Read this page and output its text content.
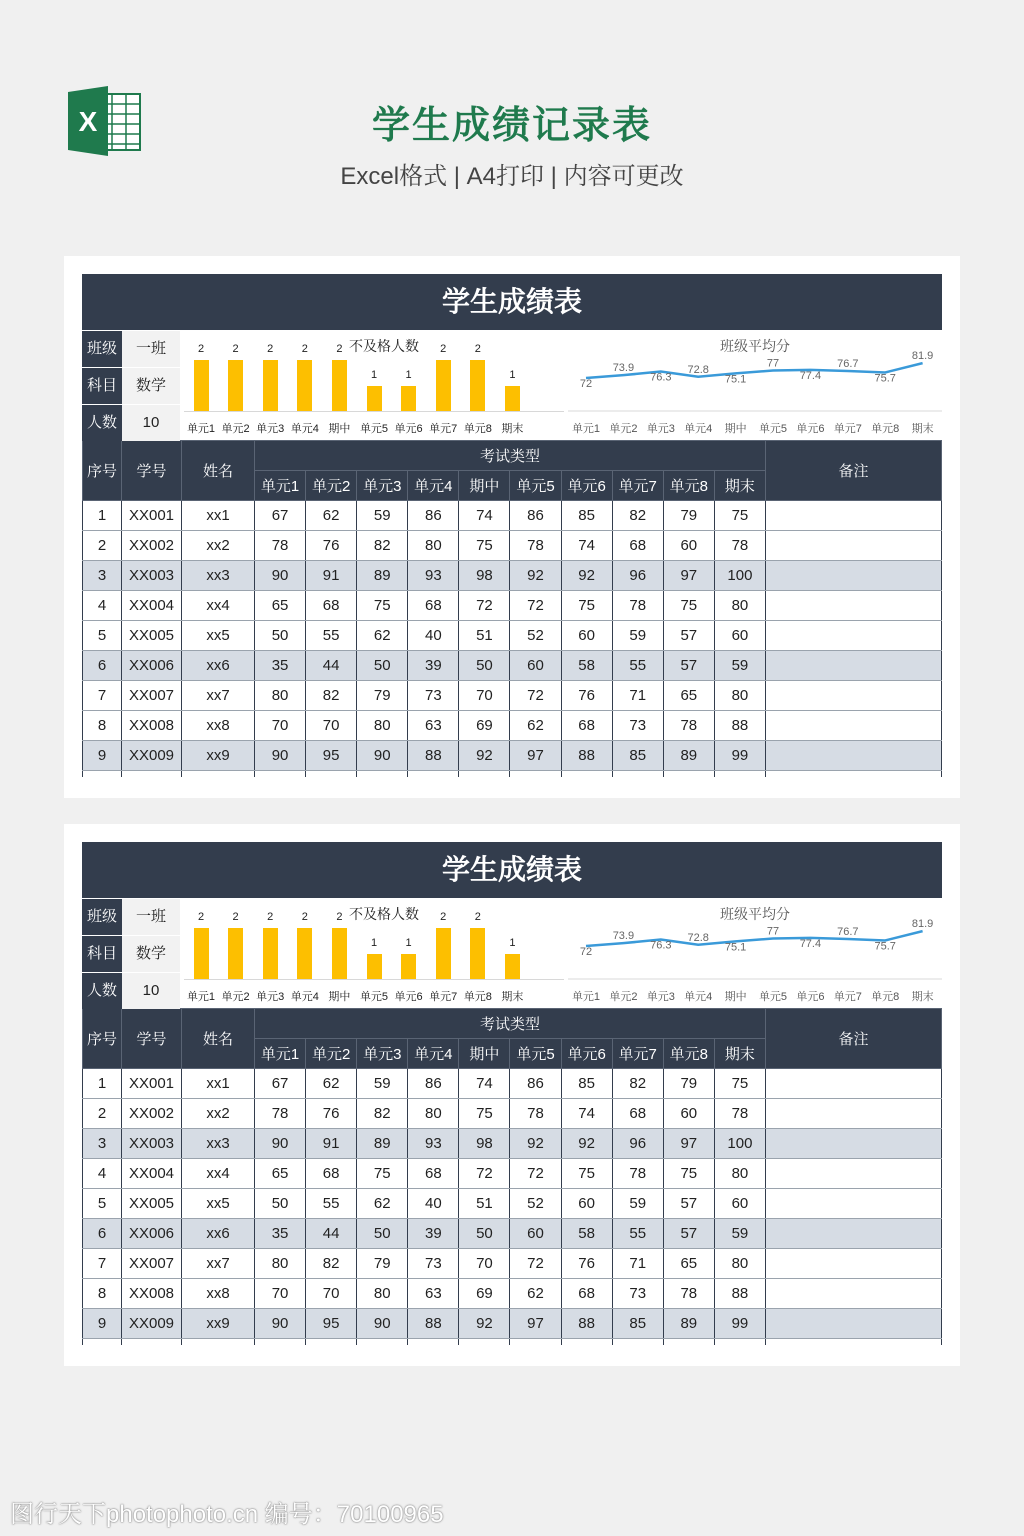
X	学生成绩记录表
Excel格式 | A4打印 | 内容可更改
学生成绩表
班级	一班
科目	数学
人数	10
不及格人数
2
单元1
2
单元2
2
单元3
2
单元4
2
期中
1
单元5
1
单元6
2
单元7
2
单元8
1
期末
班级平均分
72
73.9
76.3
72.8
75.1
77
77.4
76.7
75.7
81.9
单元1 单元2 单元3 单元4	期中	单元5 单元6 单元7 单元8	期末
序号	学号	姓名	考试类型										备注
			单元1	单元2	单元3	单元4	期中	单元5	单元6	单元7	单元8	期末	
1	XX001	xx1	67	62	59	86	74	86	85	82	79	75	
2	XX002	xx2	78	76	82	80	75	78	74	68	60	78	
3	XX003	xx3	90	91	89	93	98	92	92	96	97	100	
4	XX004	xx4	65	68	75	68	72	72	75	78	75	80	
5	XX005	xx5	50	55	62	40	51	52	60	59	57	60	
6	XX006	xx6	35	44	50	39	50	60	58	55	57	59	
7	XX007	xx7	80	82	79	73	70	72	76	71	65	80	
8	XX008	xx8	70	70	80	63	69	62	68	73	78	88	
9	XX009	xx9	90	95	90	88	92	97	88	85	89	99	

学生成绩表
班级	一班
科目	数学
人数	10
不及格人数
2
单元1
2
单元2
2
单元3
2
单元4
2
期中
1
单元5
1
单元6
2
单元7
2
单元8
1
期末
班级平均分
72
73.9
76.3
72.8
75.1
77
77.4
76.7
75.7
81.9
单元1 单元2 单元3 单元4	期中	单元5 单元6 单元7 单元8	期末
序号	学号	姓名	考试类型										备注
			单元1	单元2	单元3	单元4	期中	单元5	单元6	单元7	单元8	期末	
1	XX001	xx1	67	62	59	86	74	86	85	82	79	75	
2	XX002	xx2	78	76	82	80	75	78	74	68	60	78	
3	XX003	xx3	90	91	89	93	98	92	92	96	97	100	
4	XX004	xx4	65	68	75	68	72	72	75	78	75	80	
5	XX005	xx5	50	55	62	40	51	52	60	59	57	60	
6	XX006	xx6	35	44	50	39	50	60	58	55	57	59	
7	XX007	xx7	80	82	79	73	70	72	76	71	65	80	
8	XX008	xx8	70	70	80	63	69	62	68	73	78	88	
9	XX009	xx9	90	95	90	88	92	97	88	85	89	99	

图行天下photophoto.cn 编号：70100965
